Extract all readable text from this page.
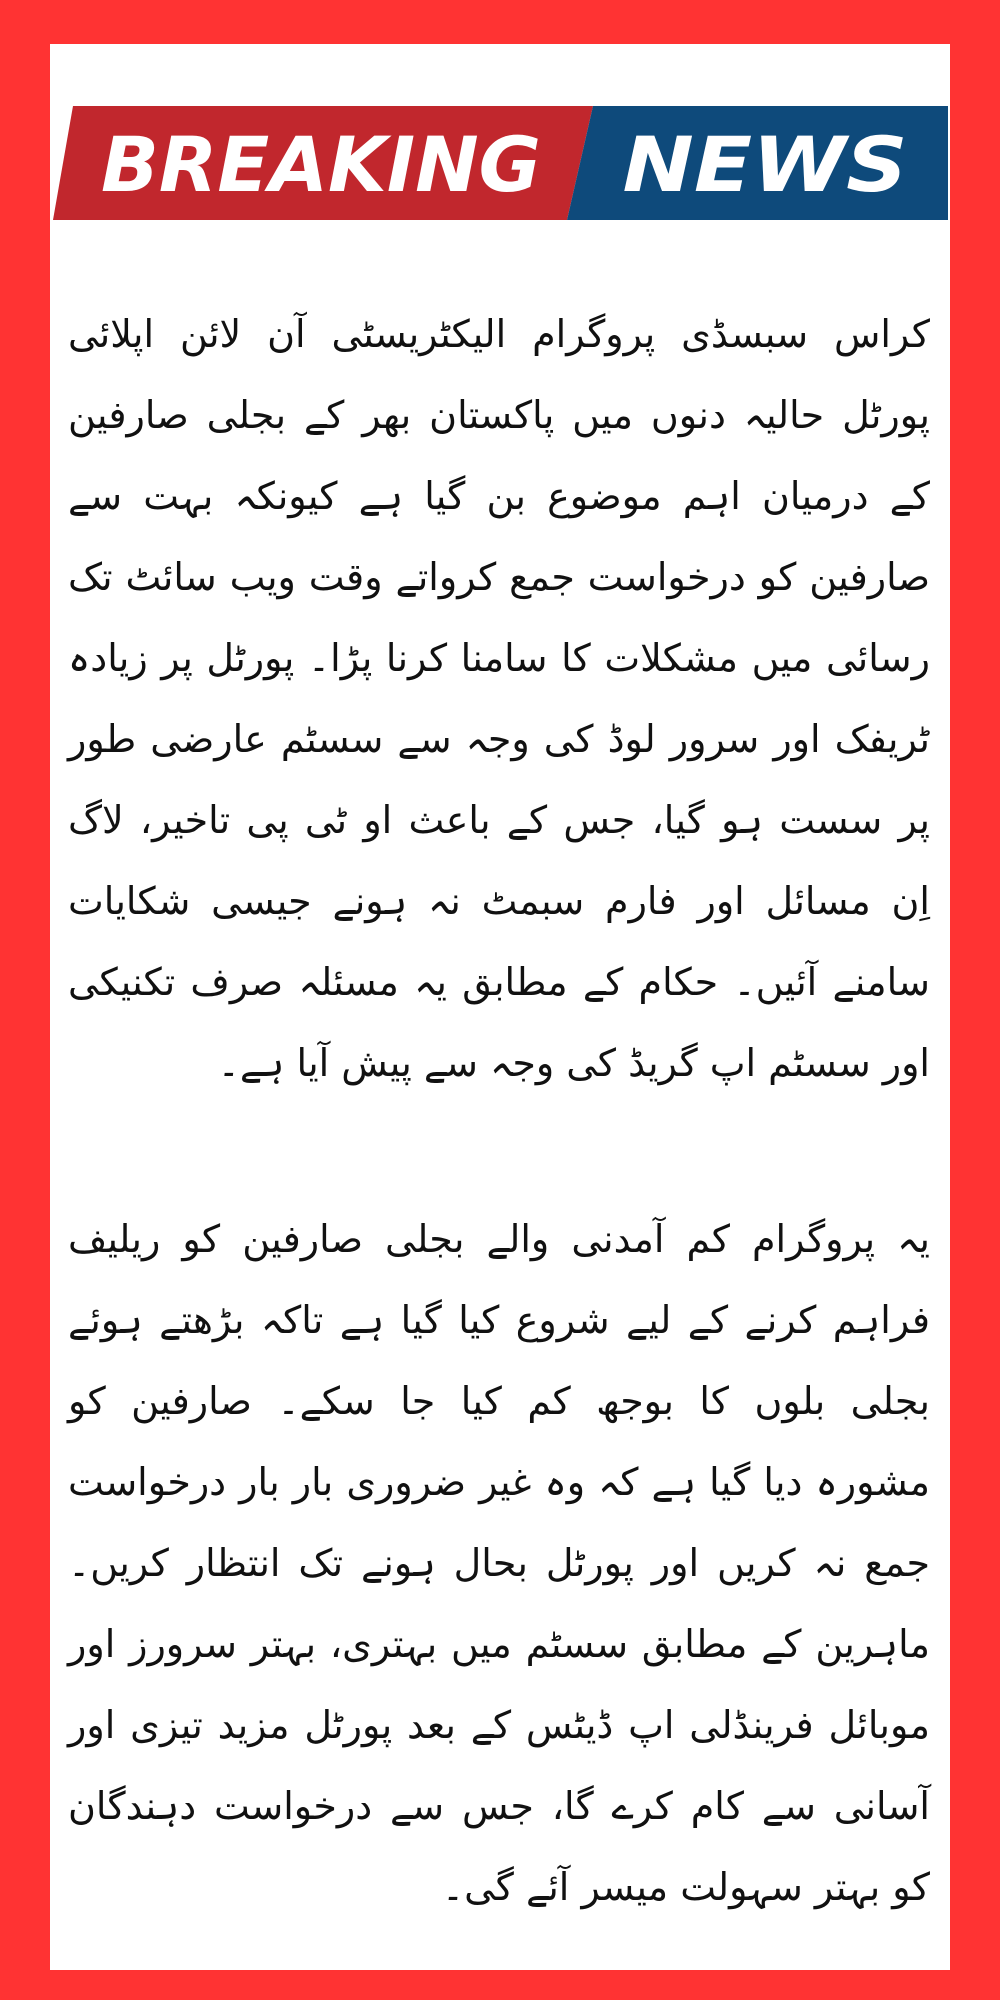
BREAKING NEWS

کراس سبسڈی پروگرام الیکٹریسٹی آن لائن اپلائی پورٹل حالیہ دنوں میں پاکستان بھر کے بجلی صارفین کے درمیان اہم موضوع بن گیا ہے کیونکہ بہت سے صارفین کو درخواست جمع کرواتے وقت ویب سائٹ تک رسائی میں مشکلات کا سامنا کرنا پڑا۔ پورٹل پر زیادہ ٹریفک اور سرور لوڈ کی وجہ سے سسٹم عارضی طور پر سست ہو گیا، جس کے باعث او ٹی پی تاخیر، لاگ اِن مسائل اور فارم سبمٹ نہ ہونے جیسی شکایات سامنے آئیں۔ حکام کے مطابق یہ مسئلہ صرف تکنیکی اور سسٹم اپ گریڈ کی وجہ سے پیش آیا ہے۔

یہ پروگرام کم آمدنی والے بجلی صارفین کو ریلیف فراہم کرنے کے لیے شروع کیا گیا ہے تاکہ بڑھتے ہوئے بجلی بلوں کا بوجھ کم کیا جا سکے۔ صارفین کو مشورہ دیا گیا ہے کہ وہ غیر ضروری بار بار درخواست جمع نہ کریں اور پورٹل بحال ہونے تک انتظار کریں۔ ماہرین کے مطابق سسٹم میں بہتری، بہتر سرورز اور موبائل فرینڈلی اپ ڈیٹس کے بعد پورٹل مزید تیزی اور آسانی سے کام کرے گا، جس سے درخواست دہندگان کو بہتر سہولت میسر آئے گی۔
